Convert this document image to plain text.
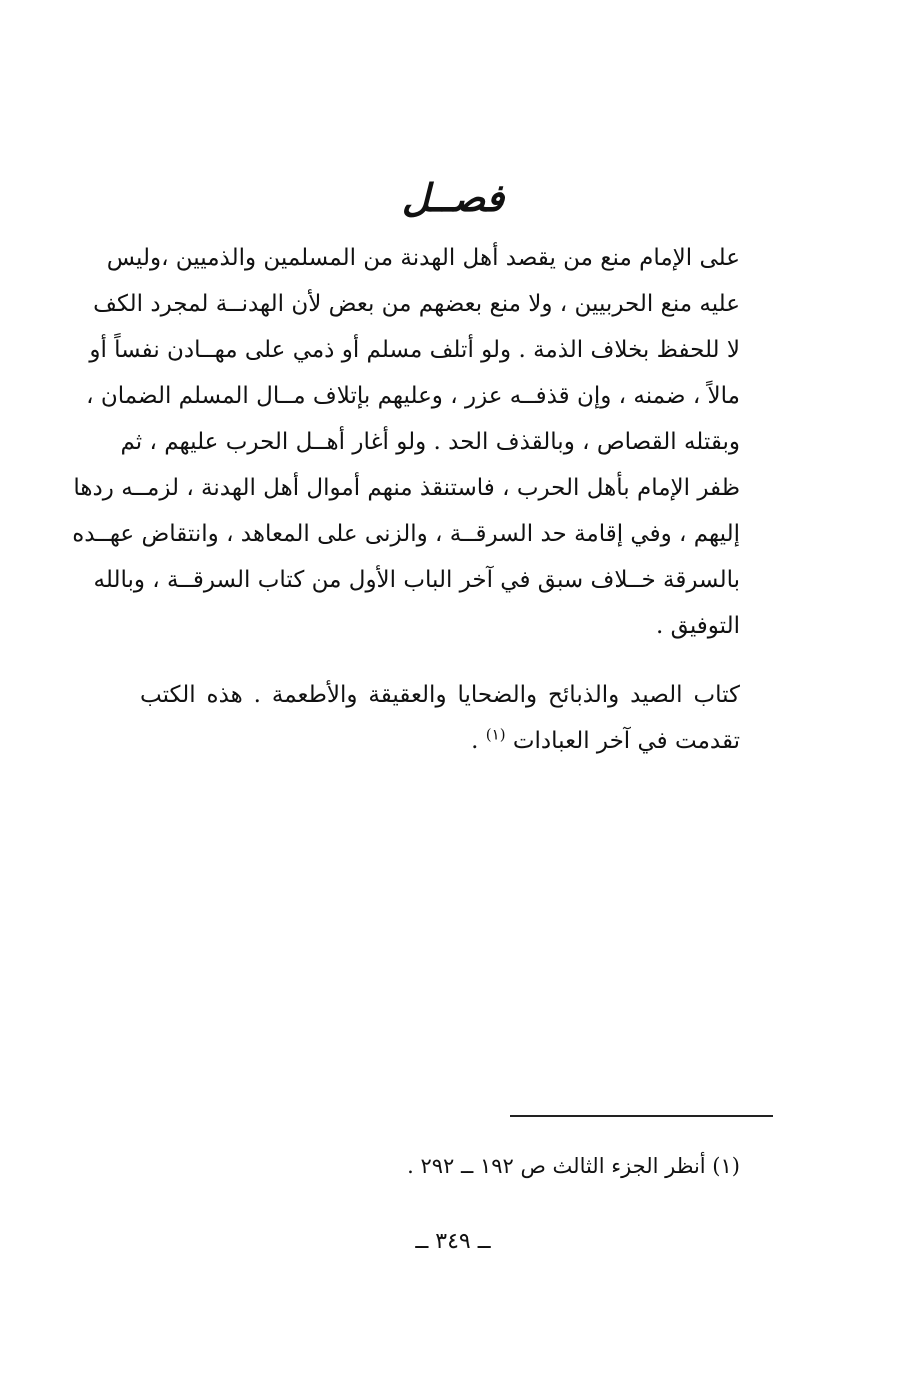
فصــل
على الإمام منع من يقصد أهل الهدنة من المسلمين والذميين ،وليس
عليه منع الحربيين ، ولا منع بعضهم من بعض لأن الهدنــة لمجرد الكف
لا للحفظ بخلاف الذمة . ولو أتلف مسلم أو ذمي على مهــادن نفساً أو
مالاً ، ضمنه ، وإن قذفــه عزر ، وعليهم بإتلاف مــال المسلم الضمان ،
وبقتله القصاص ، وبالقذف الحد . ولو أغار أهــل الحرب عليهم ، ثم
ظفر الإمام بأهل الحرب ، فاستنقذ منهم أموال أهل الهدنة ، لزمــه ردها
إليهم ، وفي إقامة حد السرقــة ، والزنى على المعاهد ، وانتقاض عهــده
بالسرقة خــلاف سبق في آخر الباب الأول من كتاب السرقــة ، وبالله
التوفيق .
كتاب الصيد والذبائح والضحايا والعقيقة والأطعمة . هذه الكتب
تقدمت في آخر العبادات $^{(١)}$ .

(١) أنظر الجزء الثالث ص ١٩٢ ــ ٢٩٢ .

ــ ٣٤٩ ــ
